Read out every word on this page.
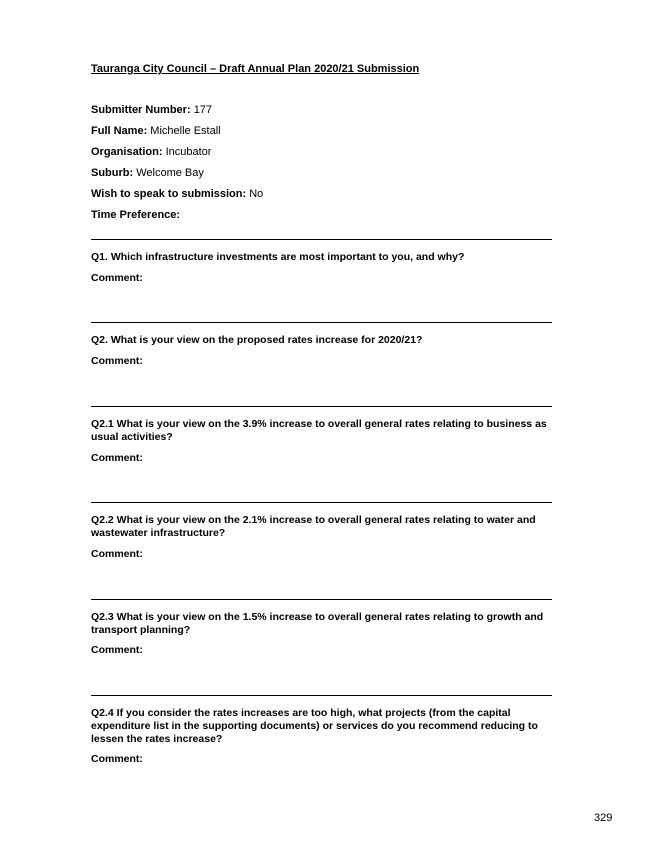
Tauranga City Council – Draft Annual Plan 2020/21 Submission
Submitter Number: 177
Full Name: Michelle Estall
Organisation: Incubator
Suburb: Welcome Bay
Wish to speak to submission: No
Time Preference:
Q1. Which infrastructure investments are most important to you, and why?
Comment:
Q2. What is your view on the proposed rates increase for 2020/21?
Comment:
Q2.1 What is your view on the 3.9% increase to overall general rates relating to business as usual activities?
Comment:
Q2.2 What is your view on the 2.1% increase to overall general rates relating to water and wastewater infrastructure?
Comment:
Q2.3 What is your view on the 1.5% increase to overall general rates relating to growth and transport planning?
Comment:
Q2.4 If you consider the rates increases are too high, what projects (from the capital expenditure list in the supporting documents) or services do you recommend reducing to lessen the rates increase?
Comment:
329
